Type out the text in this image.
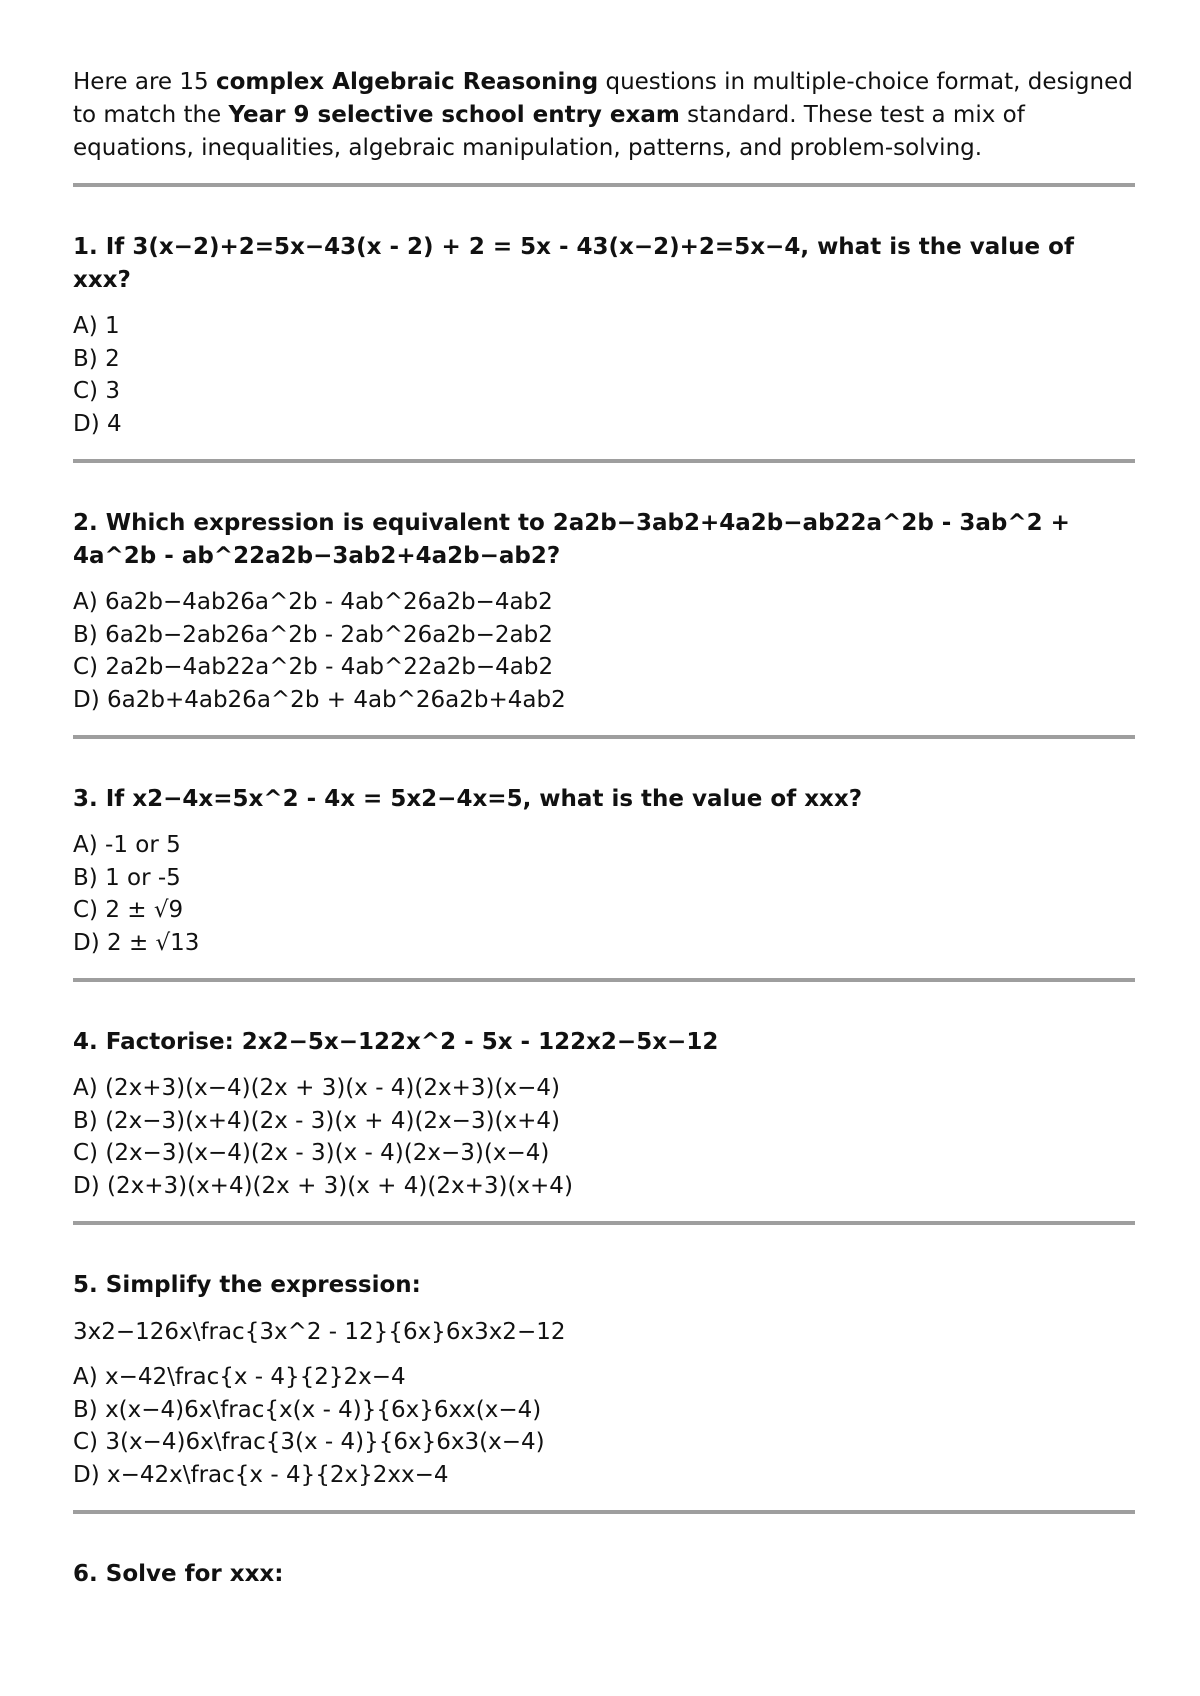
Here are 15 complex Algebraic Reasoning questions in multiple-choice format, designed to match the Year 9 selective school entry exam standard. These test a mix of equations, inequalities, algebraic manipulation, patterns, and problem-solving.

1. If 3(x−2)+2=5x−43(x - 2) + 2 = 5x - 43(x−2)+2=5x−4, what is the value of xxx?

A) 1
B) 2
C) 3
D) 4

2. Which expression is equivalent to 2a2b−3ab2+4a2b−ab22a^2b - 3ab^2 + 4a^2b - ab^22a2b−3ab2+4a2b−ab2?

A) 6a2b−4ab26a^2b - 4ab^26a2b−4ab2
B) 6a2b−2ab26a^2b - 2ab^26a2b−2ab2
C) 2a2b−4ab22a^2b - 4ab^22a2b−4ab2
D) 6a2b+4ab26a^2b + 4ab^26a2b+4ab2

3. If x2−4x=5x^2 - 4x = 5x2−4x=5, what is the value of xxx?

A) -1 or 5
B) 1 or -5
C) 2 ± √9
D) 2 ± √13

4. Factorise: 2x2−5x−122x^2 - 5x - 122x2−5x−12

A) (2x+3)(x−4)(2x + 3)(x - 4)(2x+3)(x−4)
B) (2x−3)(x+4)(2x - 3)(x + 4)(2x−3)(x+4)
C) (2x−3)(x−4)(2x - 3)(x - 4)(2x−3)(x−4)
D) (2x+3)(x+4)(2x + 3)(x + 4)(2x+3)(x+4)

5. Simplify the expression:

3x2−126x\frac{3x^2 - 12}{6x}6x3x2−12

A) x−42\frac{x - 4}{2}2x−4
B) x(x−4)6x\frac{x(x - 4)}{6x}6xx(x−4)
C) 3(x−4)6x\frac{3(x - 4)}{6x}6x3(x−4)
D) x−42x\frac{x - 4}{2x}2xx−4

6. Solve for xxx:
